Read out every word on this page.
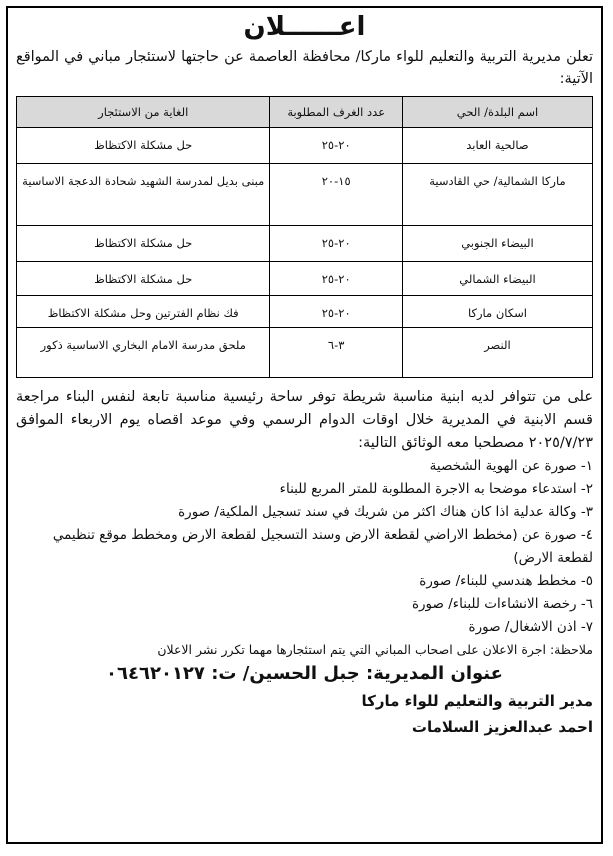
اعــــــلان
تعلن مديرية التربية والتعليم للواء ماركا/ محافظة العاصمة عن حاجتها لاستئجار مباني في المواقع الآتية:
اسم البلدة/ الحي	عدد الغرف المطلوبة	الغاية من الاستئجار
صالحية العابد	٢٠-٢٥	حل مشكلة الاكتظاظ
ماركا الشمالية/ حي القادسية	١٥-٢٠	مبنى بديل لمدرسة الشهيد شحادة الدعجة الاساسية
البيضاء الجنوبي	٢٠-٢٥	حل مشكلة الاكتظاظ
البيضاء الشمالي	٢٠-٢٥	حل مشكلة الاكتظاظ
اسكان ماركا	٢٠-٢٥	فك نظام الفترتين وحل مشكلة الاكتظاظ
النصر	٣-٦	ملحق مدرسة الامام البخاري الاساسية ذكور
على من تتوافر لديه ابنية مناسبة شريطة توفر ساحة رئيسية مناسبة تابعة لنفس البناء مراجعة قسم الابنية في المديرية خلال اوقات الدوام الرسمي وفي موعد اقصاه يوم الاربعاء الموافق ٢٠٢٥/٧/٢٣ مصطحبا معه الوثائق التالية:
١- صورة عن الهوية الشخصية
٢- استدعاء موضحا به الاجرة المطلوبة للمتر المربع للبناء
٣- وكالة عدلية اذا كان هناك اكثر من شريك في سند تسجيل الملكية/ صورة
٤- صورة عن (مخطط الاراضي لقطعة الارض وسند التسجيل لقطعة الارض ومخطط موقع تنظيمي لقطعة الارض)
٥- مخطط هندسي للبناء/ صورة
٦- رخصة الانشاءات للبناء/ صورة
٧- اذن الاشغال/ صورة
ملاحظة: اجرة الاعلان على اصحاب المباني التي يتم استئجارها مهما تكرر نشر الاعلان
عنوان المديرية: جبل الحسين/ ت: ٠٦٤٦٢٠١٢٧
مدير التربية والتعليم للواء ماركا
احمد عبدالعزيز السلامات
